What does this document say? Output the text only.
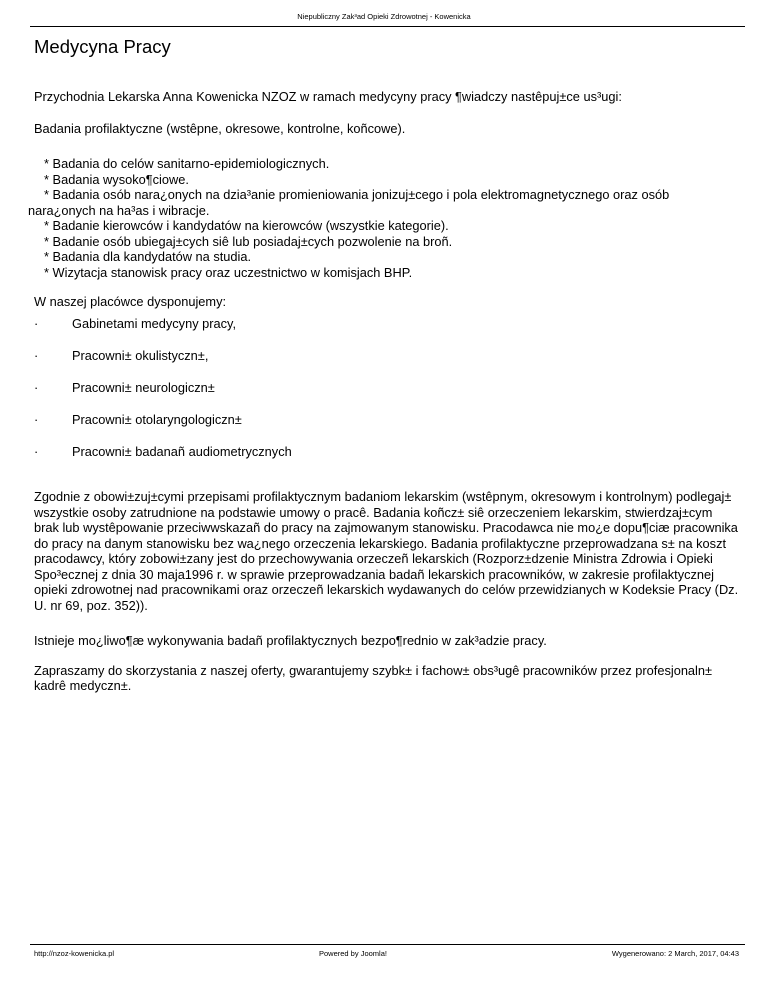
Niepubliczny Zak³ad Opieki Zdrowotnej - Kowenicka
Medycyna Pracy

Przychodnia Lekarska Anna Kowenicka NZOZ w ramach medycyny pracy ¶wiadczy nastêpuj±ce us³ugi:

Badania profilaktyczne (wstêpne, okresowe, kontrolne, koñcowe).

* Badania do celów sanitarno-epidemiologicznych.

* Badania wysoko¶ciowe.

* Badania osób nara¿onych na dzia³anie promieniowania jonizuj±cego i pola elektromagnetycznego oraz osób

nara¿onych na ha³as i wibracje.

* Badanie kierowców i kandydatów na kierowców (wszystkie kategorie).

* Badanie osób ubiegaj±cych siê lub posiadaj±cych pozwolenie na broñ.

* Badania dla kandydatów na studia.

* Wizytacja stanowisk pracy oraz uczestnictwo w komisjach BHP.

W naszej placówce dysponujemy:

·	Gabinetami medycyny pracy,
·	Pracowni± okulistyczn±,
·	Pracowni± neurologiczn±
·	Pracowni± otolaryngologiczn±
·	Pracowni± badanañ audiometrycznych

Zgodnie z obowi±zuj±cymi przepisami profilaktycznym badaniom lekarskim (wstêpnym, okresowym i kontrolnym) podlegaj± wszystkie osoby zatrudnione na podstawie umowy o pracê. Badania koñcz± siê orzeczeniem lekarskim, stwierdzaj±cym brak lub wystêpowanie przeciwwskazañ do pracy na zajmowanym stanowisku. Pracodawca nie mo¿e dopu¶ciæ pracownika do pracy na danym stanowisku bez wa¿nego orzeczenia lekarskiego. Badania profilaktyczne przeprowadzana s± na koszt pracodawcy, który zobowi±zany jest do przechowywania orzeczeñ lekarskich (Rozporz±dzenie Ministra Zdrowia i Opieki Spo³ecznej z dnia 30 maja1996 r. w sprawie przeprowadzania badañ lekarskich pracowników, w zakresie profilaktycznej opieki zdrowotnej nad pracownikami oraz orzeczeñ lekarskich wydawanych do celów przewidzianych w Kodeksie Pracy (Dz. U. nr 69, poz. 352)).

Istnieje mo¿liwo¶æ wykonywania badañ profilaktycznych bezpo¶rednio w zak³adzie pracy.

Zapraszamy do skorzystania z naszej oferty, gwarantujemy szybk± i fachow± obs³ugê pracowników przez profesjonaln± kadrê medyczn±.

http://nzoz-kowenicka.pl	Powered by Joomla!	Wygenerowano: 2 March, 2017, 04:43
